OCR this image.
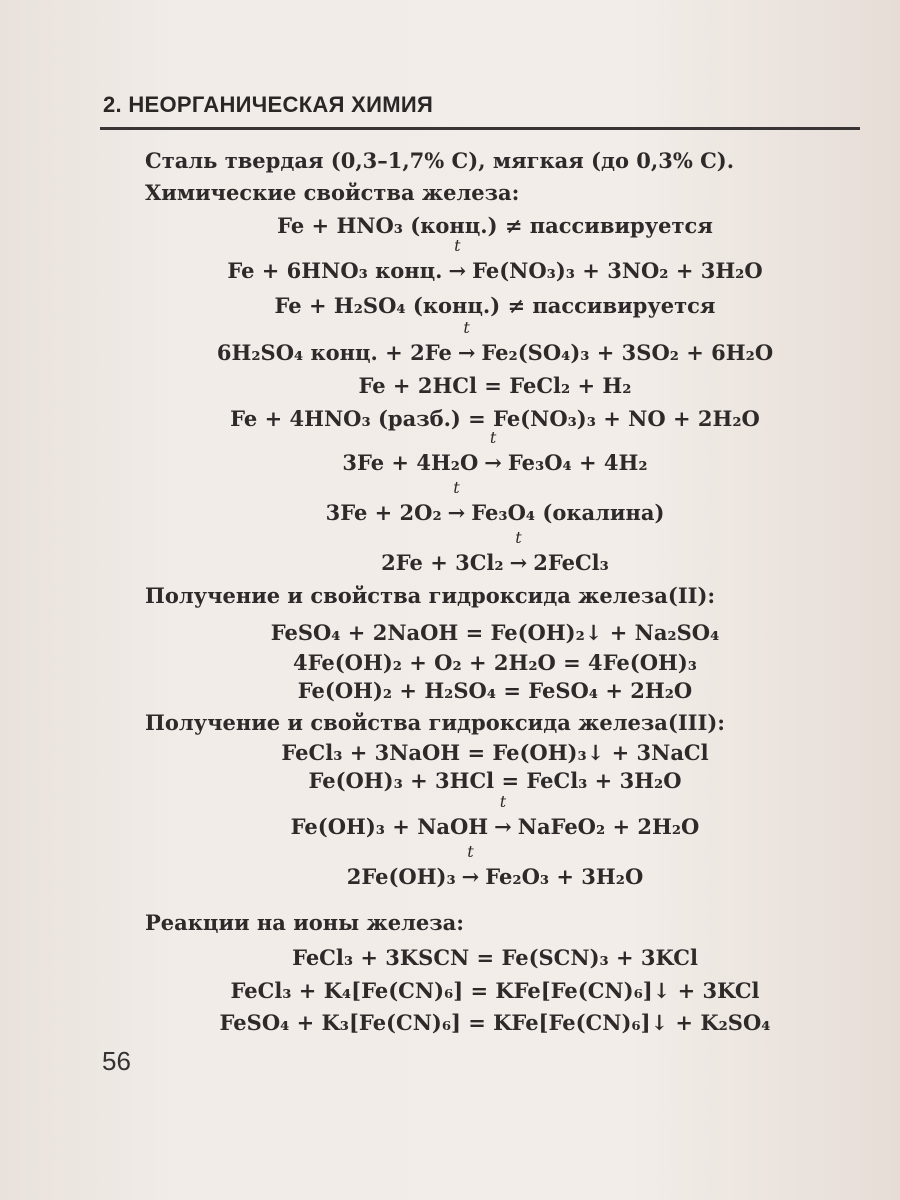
2. НЕОРГАНИЧЕСКАЯ ХИМИЯ
Сталь твердая (0,3–1,7% С), мягкая (до 0,3% С).
Химические свойства железа:
Fe + HNO₃ (конц.) ≠ пассивируется
Fe + 6HNO₃ конц.
t
→ Fe(NO₃)₃ + 3NO₂ + 3H₂O
Fe + H₂SO₄ (конц.) ≠ пассивируется
6H₂SO₄ конц. + 2Fe
t
→ Fe₂(SO₄)₃ + 3SO₂ + 6H₂O
Fe + 2HCl = FeCl₂ + H₂
Fe + 4HNO₃ (разб.) = Fe(NO₃)₃ + NO + 2H₂O
3Fe + 4H₂O
t
→ Fe₃O₄ + 4H₂
3Fe + 2O₂
t
→ Fe₃O₄ (окалина)
2Fe + 3Cl₂
t
→ 2FeCl₃
Получение и свойства гидроксида железа(II):
FeSO₄ + 2NaOH = Fe(OH)₂↓ + Na₂SO₄
4Fe(OH)₂ + O₂ + 2H₂O = 4Fe(OH)₃
Fe(OH)₂ + H₂SO₄ = FeSO₄ + 2H₂O
Получение и свойства гидроксида железа(III):
FeCl₃ + 3NaOH = Fe(OH)₃↓ + 3NaCl
Fe(OH)₃ + 3HCl = FeCl₃ + 3H₂O
Fe(OH)₃ + NaOH
t
→ NaFeO₂ + 2H₂O
2Fe(OH)₃
t
→ Fe₂O₃ + 3H₂O
Реакции на ионы железа:
FeCl₃ + 3KSCN = Fe(SCN)₃ + 3KCl
FeCl₃ + K₄[Fe(CN)₆] = KFe[Fe(CN)₆]↓ + 3KCl
FeSO₄ + K₃[Fe(CN)₆] = KFe[Fe(CN)₆]↓ + K₂SO₄
56
